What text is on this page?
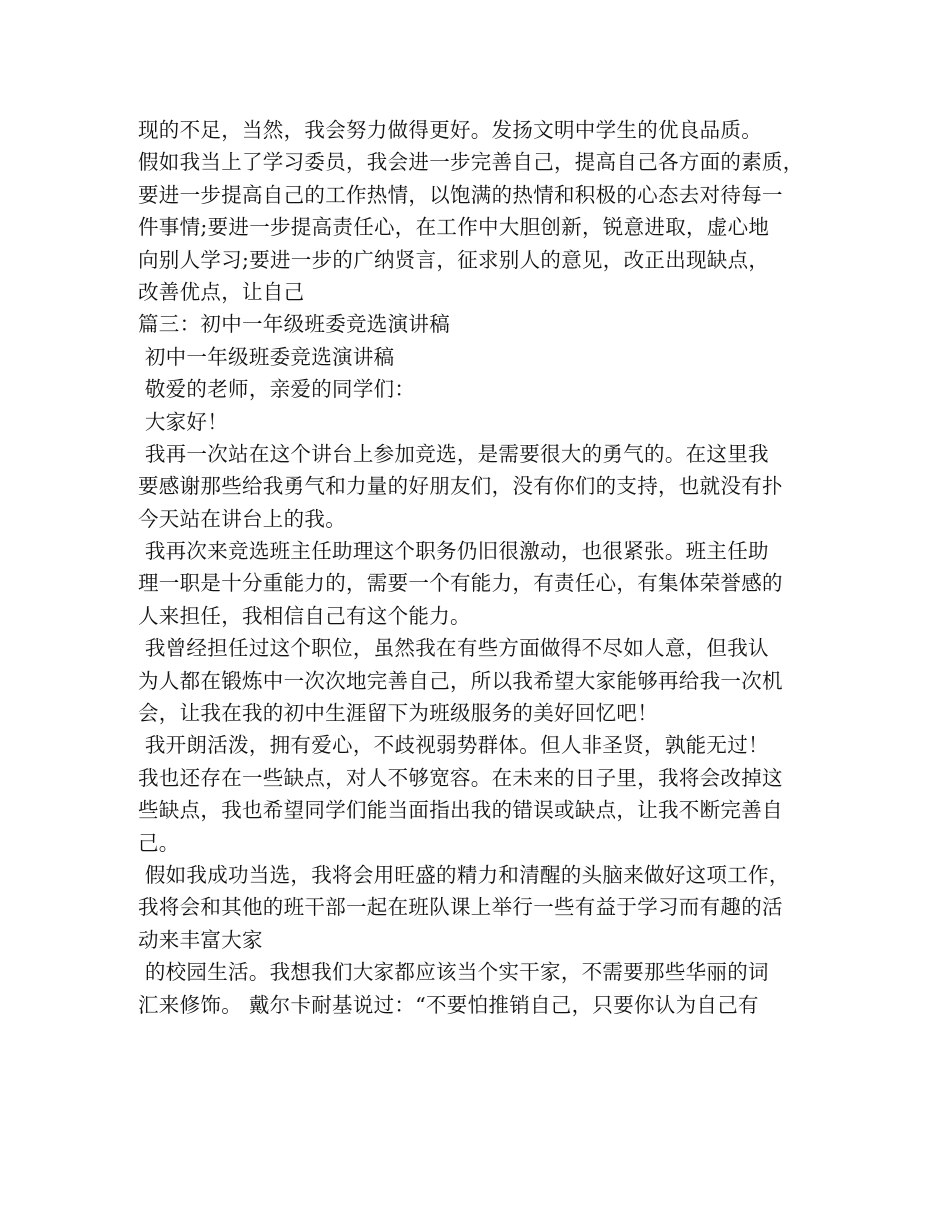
现的不足，当然，我会努力做得更好。发扬文明中学生的优良品质。
假如我当上了学习委员，我会进一步完善自己，提高自己各方面的素质，
要进一步提高自己的工作热情，以饱满的热情和积极的心态去对待每一
件事情;要进一步提高责任心，在工作中大胆创新，锐意进取，虚心地
向别人学习;要进一步的广纳贤言，征求别人的意见，改正出现缺点，
改善优点，让自己
篇三：初中一年级班委竞选演讲稿
初中一年级班委竞选演讲稿
敬爱的老师，亲爱的同学们：
大家好！
我再一次站在这个讲台上参加竞选，是需要很大的勇气的。在这里我
要感谢那些给我勇气和力量的好朋友们，没有你们的支持，也就没有扑
今天站在讲台上的我。
我再次来竞选班主任助理这个职务仍旧很激动，也很紧张。班主任助
理一职是十分重能力的，需要一个有能力，有责任心，有集体荣誉感的
人来担任，我相信自己有这个能力。
我曾经担任过这个职位，虽然我在有些方面做得不尽如人意，但我认
为人都在锻炼中一次次地完善自己，所以我希望大家能够再给我一次机
会，让我在我的初中生涯留下为班级服务的美好回忆吧！
我开朗活泼，拥有爱心，不歧视弱势群体。但人非圣贤，孰能无过！
我也还存在一些缺点，对人不够宽容。在未来的日子里，我将会改掉这
些缺点，我也希望同学们能当面指出我的错误或缺点，让我不断完善自
己。
假如我成功当选，我将会用旺盛的精力和清醒的头脑来做好这项工作，
我将会和其他的班干部一起在班队课上举行一些有益于学习而有趣的活
动来丰富大家
的校园生活。我想我们大家都应该当个实干家，不需要那些华丽的词
汇来修饰。 戴尔卡耐基说过：“不要怕推销自己，只要你认为自己有
